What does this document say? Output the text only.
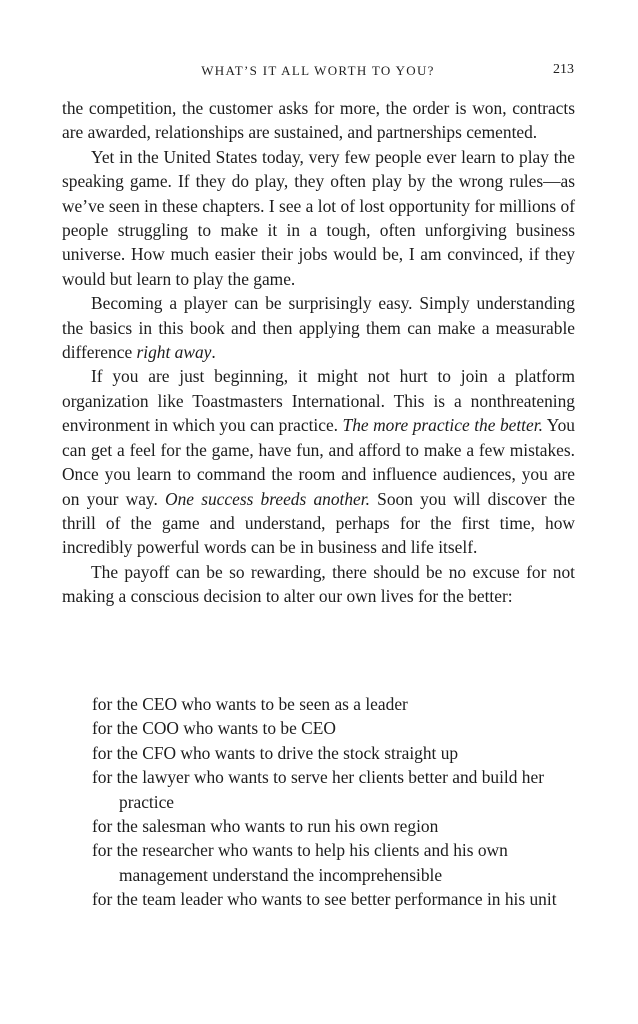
WHAT’S IT ALL WORTH TO YOU?	213

the competition, the customer asks for more, the order is won, contracts are awarded, relationships are sustained, and partnerships cemented.

Yet in the United States today, very few people ever learn to play the speaking game. If they do play, they often play by the wrong rules—as we’ve seen in these chapters. I see a lot of lost opportunity for millions of people struggling to make it in a tough, often unforgiving business universe. How much easier their jobs would be, I am convinced, if they would but learn to play the game.

Becoming a player can be surprisingly easy. Simply understanding the basics in this book and then applying them can make a measurable difference right away.

If you are just beginning, it might not hurt to join a platform organization like Toastmasters International. This is a nonthreatening environment in which you can practice. The more practice the better. You can get a feel for the game, have fun, and afford to make a few mistakes. Once you learn to command the room and influence audiences, you are on your way. One success breeds another. Soon you will discover the thrill of the game and understand, perhaps for the first time, how incredibly powerful words can be in business and life itself.

The payoff can be so rewarding, there should be no excuse for not making a conscious decision to alter our own lives for the better:

for the CEO who wants to be seen as a leader
for the COO who wants to be CEO
for the CFO who wants to drive the stock straight up
for the lawyer who wants to serve her clients better and build her practice
for the salesman who wants to run his own region
for the researcher who wants to help his clients and his own management understand the incomprehensible
for the team leader who wants to see better performance in his unit
